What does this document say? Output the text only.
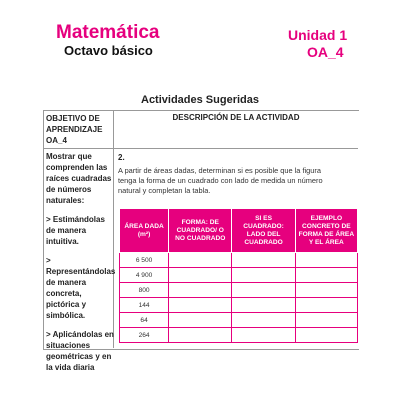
Matemática
Octavo básico
Unidad 1
OA_4
Actividades Sugeridas
OBJETIVO DE APRENDIZAJE OA_4
DESCRIPCIÓN DE LA ACTIVIDAD

Mostrar que comprenden las raíces cuadradas de números naturales:

> Estimándolas de manera intuitiva.

> Representándolas de manera concreta, pictórica y simbólica.

> Aplicándolas en situaciones geométricas y en la vida diaria

2.
A partir de áreas dadas, determinan si es posible que la figura tenga la forma de un cuadrado con lado de medida un número natural y completan la tabla.
ÁREA DADA (m²)	FORMA: DE CUADRADO/ O NO CUADRADO	SI ES CUADRADO: LADO DEL CUADRADO	EJEMPLO CONCRETO DE FORMA DE ÁREA Y EL ÁREA
6 500			
4 900			
800			
144			
64			
264			
